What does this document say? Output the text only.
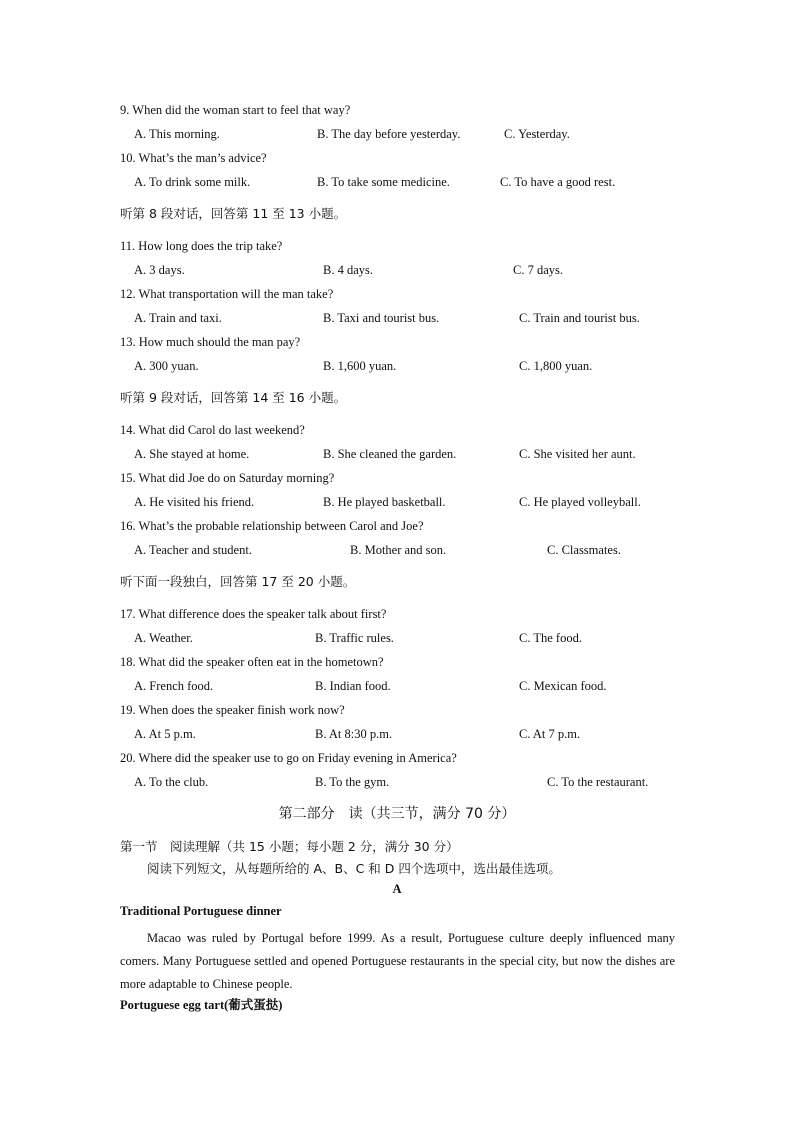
9. When did the woman start to feel that way?
A. This morning.	B. The day before yesterday.	C. Yesterday.
10. What’s the man’s advice?
A. To drink some milk.	B. To take some medicine.	C. To have a good rest.
听第 8 段对话，回答第 11 至 13 小题。
11. How long does the trip take?
A. 3 days.	B. 4 days.	C. 7 days.
12. What transportation will the man take?
A. Train and taxi.	B. Taxi and tourist bus.	C. Train and tourist bus.
13. How much should the man pay?
A. 300 yuan.	B. 1,600 yuan.	C. 1,800 yuan.
听第 9 段对话，回答第 14 至 16 小题。
14. What did Carol do last weekend?
A. She stayed at home.	B. She cleaned the garden.	C. She visited her aunt.
15. What did Joe do on Saturday morning?
A. He visited his friend.	B. He played basketball.	C. He played volleyball.
16. What’s the probable relationship between Carol and Joe?
A. Teacher and student.	B. Mother and son.	C. Classmates.
听下面一段独白，回答第 17 至 20 小题。
17. What difference does the speaker talk about first?
A. Weather.	B. Traffic rules.	C. The food.
18. What did the speaker often eat in the hometown?
A. French food.	B. Indian food.	C. Mexican food.
19. When does the speaker finish work now?
A. At 5 p.m.	B. At 8:30 p.m.	C. At 7 p.m.
20. Where did the speaker use to go on Friday evening in America?
A. To the club.	B. To the gym.	C. To the restaurant.
第二部分　读（共三节，满分 70 分）
第一节　阅读理解（共 15 小题；每小题 2 分，满分 30 分）
阅读下列短文，从每题所给的 A、B、C 和 D 四个选项中，选出最佳选项。
A
Traditional Portuguese dinner
Macao was ruled by Portugal before 1999. As a result, Portuguese culture deeply influenced many comers. Many Portuguese settled and opened Portuguese restaurants in the special city, but now the dishes are more adaptable to Chinese people.
Portuguese egg tart(葡式蛋挞)
